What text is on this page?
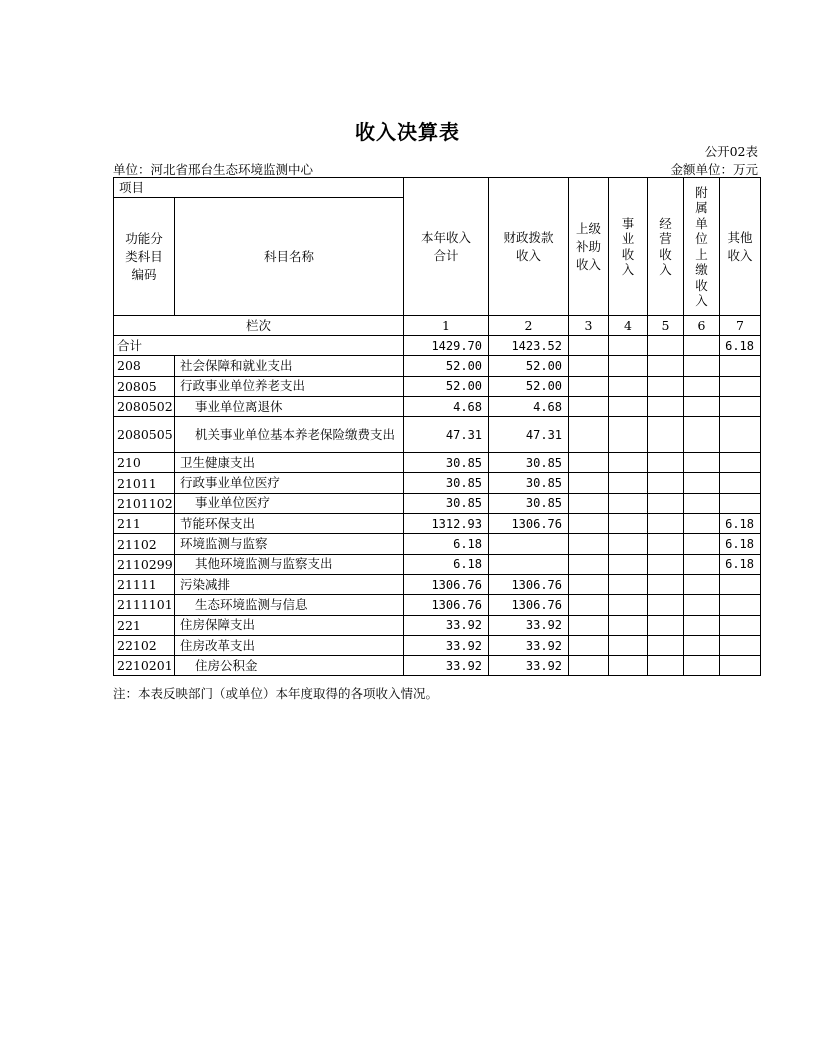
收入决算表
公开02表
单位：河北省邢台生态环境监测中心	金额单位：万元
项目		本年收入合计	财政拨款收入	上级补助收入	事业收入	经营收入	附属单位上缴收入	其他收入

功能分类科目编码	科目名称							
栏次		1	2	3	4	5	6	7
合计		1429.70	1423.52					6.18
208	社会保障和就业支出	52.00	52.00					
20805	行政事业单位养老支出	52.00	52.00					
2080502	事业单位离退休	4.68	4.68					
2080505	机关事业单位基本养老保险缴费支出	47.31	47.31					
210	卫生健康支出	30.85	30.85					
21011	行政事业单位医疗	30.85	30.85					
2101102	事业单位医疗	30.85	30.85					
211	节能环保支出	1312.93	1306.76					6.18
21102	环境监测与监察	6.18						6.18
2110299	其他环境监测与监察支出	6.18						6.18
21111	污染减排	1306.76	1306.76					
2111101	生态环境监测与信息	1306.76	1306.76					
221	住房保障支出	33.92	33.92					
22102	住房改革支出	33.92	33.92					
2210201	住房公积金	33.92	33.92					
注：本表反映部门（或单位）本年度取得的各项收入情况。
